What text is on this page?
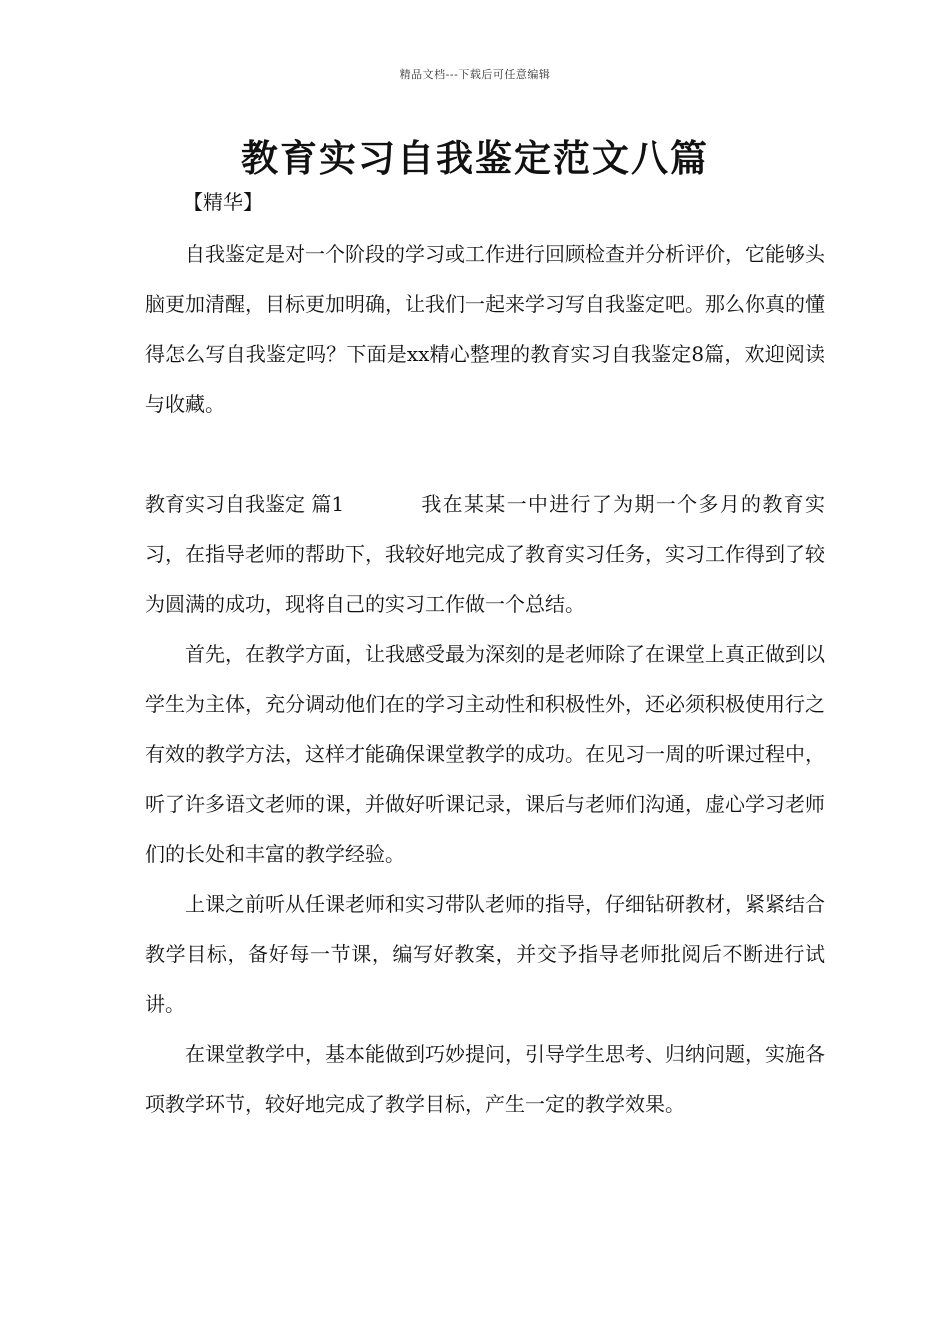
精品文档---下载后可任意编辑
教育实习自我鉴定范文八篇
【精华】

自我鉴定是对一个阶段的学习或工作进行回顾检查并分析评价，它能够头脑更加清醒，目标更加明确，让我们一起来学习写自我鉴定吧。那么你真的懂得怎么写自我鉴定吗？下面是xx精心整理的教育实习自我鉴定8篇，欢迎阅读与收藏。

教育实习自我鉴定 篇1	我在某某一中进行了为期一个多月的教育实习，在指导老师的帮助下，我较好地完成了教育实习任务，实习工作得到了较为圆满的成功，现将自己的实习工作做一个总结。

首先，在教学方面，让我感受最为深刻的是老师除了在课堂上真正做到以学生为主体，充分调动他们在的学习主动性和积极性外，还必须积极使用行之有效的教学方法，这样才能确保课堂教学的成功。在见习一周的听课过程中，听了许多语文老师的课，并做好听课记录，课后与老师们沟通，虚心学习老师们的长处和丰富的教学经验。

上课之前听从任课老师和实习带队老师的指导，仔细钻研教材，紧紧结合教学目标，备好每一节课，编写好教案，并交予指导老师批阅后不断进行试讲。

在课堂教学中，基本能做到巧妙提问，引导学生思考、归纳问题，实施各项教学环节，较好地完成了教学目标，产生一定的教学效果。
